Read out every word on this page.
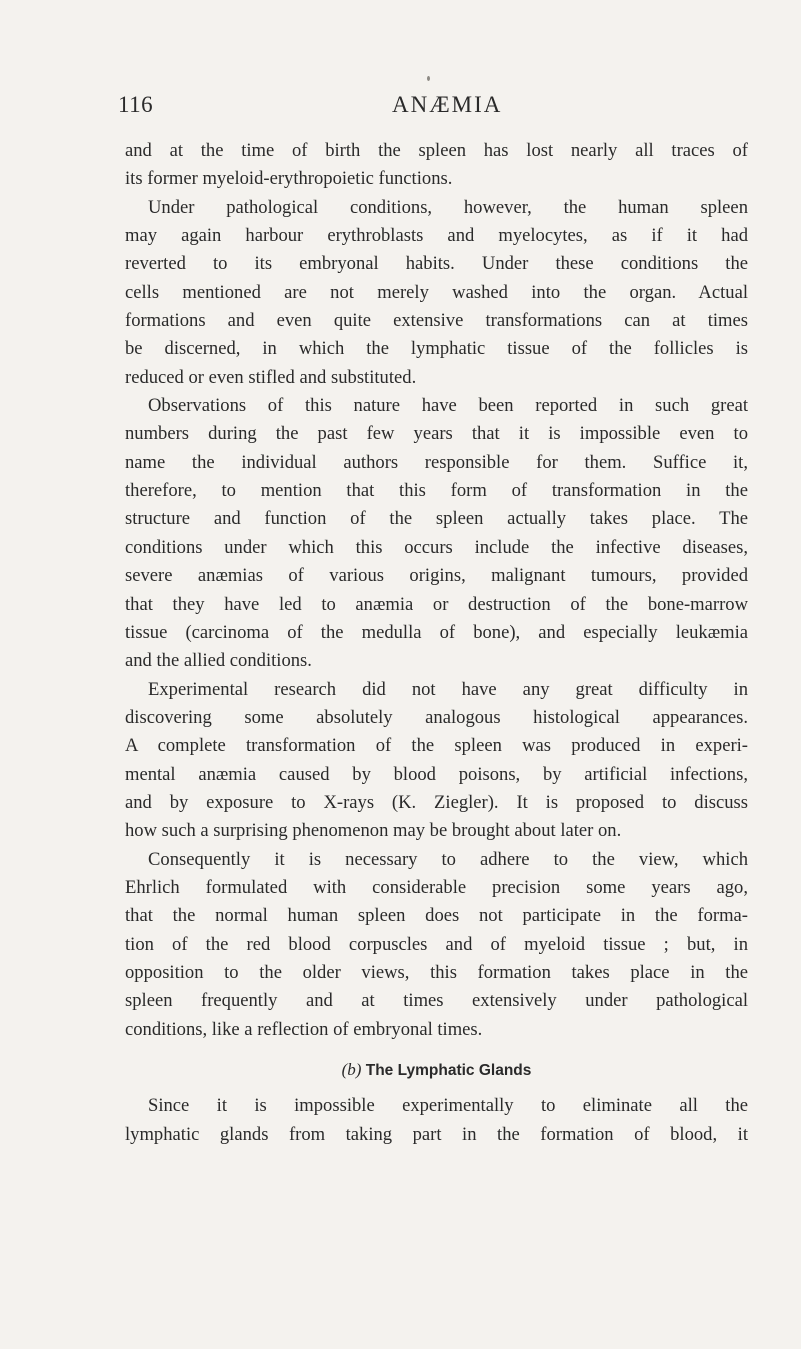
116	ANÆMIA
and at the time of birth the spleen has lost nearly all traces of
its former myeloid-erythropoietic functions.
Under pathological conditions, however, the human spleen
may again harbour erythroblasts and myelocytes, as if it had
reverted to its embryonal habits. Under these conditions the
cells mentioned are not merely washed into the organ. Actual
formations and even quite extensive transformations can at times
be discerned, in which the lymphatic tissue of the follicles is
reduced or even stifled and substituted.
Observations of this nature have been reported in such great
numbers during the past few years that it is impossible even to
name the individual authors responsible for them. Suffice it,
therefore, to mention that this form of transformation in the
structure and function of the spleen actually takes place. The
conditions under which this occurs include the infective diseases,
severe anæmias of various origins, malignant tumours, provided
that they have led to anæmia or destruction of the bone-marrow
tissue (carcinoma of the medulla of bone), and especially leukæmia
and the allied conditions.
Experimental research did not have any great difficulty in
discovering some absolutely analogous histological appearances.
A complete transformation of the spleen was produced in experi-
mental anæmia caused by blood poisons, by artificial infections,
and by exposure to X-rays (K. Ziegler). It is proposed to discuss
how such a surprising phenomenon may be brought about later on.
Consequently it is necessary to adhere to the view, which
Ehrlich formulated with considerable precision some years ago,
that the normal human spleen does not participate in the forma-
tion of the red blood corpuscles and of myeloid tissue ; but, in
opposition to the older views, this formation takes place in the
spleen frequently and at times extensively under pathological
conditions, like a reflection of embryonal times.
(b) The Lymphatic Glands
Since it is impossible experimentally to eliminate all the
lymphatic glands from taking part in the formation of blood, it
